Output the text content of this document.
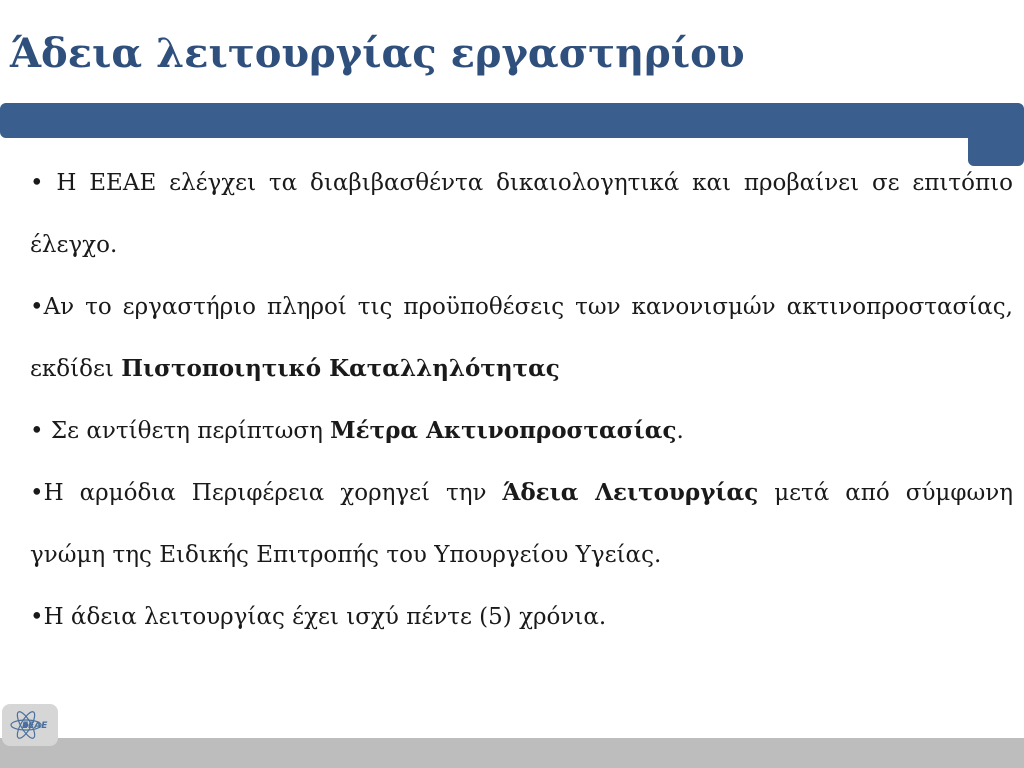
Άδεια λειτουργίας εργαστηρίου

• Η ΕΕΑΕ ελέγχει τα διαβιβασθέντα δικαιολογητικά και προβαίνει σε επιτόπιο έλεγχο.

•Αν το εργαστήριο πληροί τις προϋποθέσεις των κανονισμών ακτινοπροστασίας, εκδίδει Πιστοποιητικό Καταλληλότητας

• Σε αντίθετη περίπτωση Μέτρα Ακτινοπροστασίας.

•Η αρμόδια Περιφέρεια χορηγεί την Άδεια Λειτουργίας μετά από σύμφωνη γνώμη της Ειδικής Επιτροπής του Υπουργείου Υγείας.

•Η άδεια λειτουργίας έχει ισχύ πέντε (5) χρόνια.

ΕΕΑΕ
